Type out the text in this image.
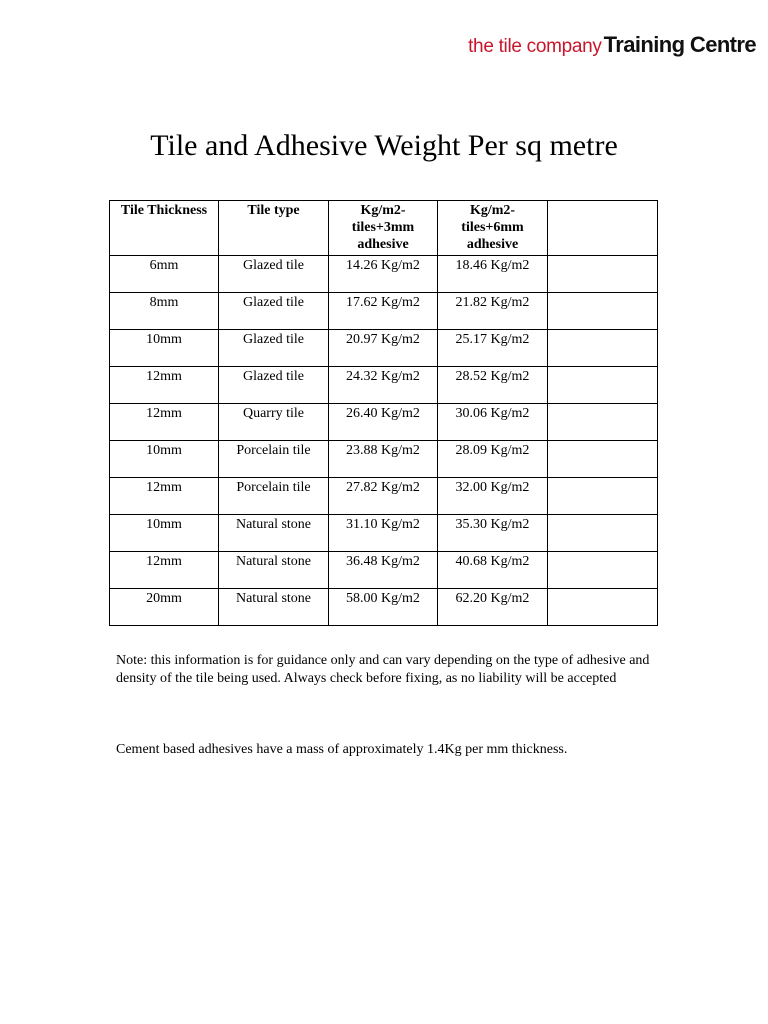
the tile companyTraining Centre
Tile and Adhesive Weight Per sq metre
Tile Thickness	Tile type	Kg/m2-
tiles+3mm
adhesive	Kg/m2-
tiles+6mm
adhesive	
6mm	Glazed tile	14.26 Kg/m2	18.46 Kg/m2	
8mm	Glazed tile	17.62 Kg/m2	21.82 Kg/m2	
10mm	Glazed tile	20.97 Kg/m2	25.17 Kg/m2	
12mm	Glazed tile	24.32 Kg/m2	28.52 Kg/m2	
12mm	Quarry tile	26.40 Kg/m2	30.06 Kg/m2	
10mm	Porcelain tile	23.88 Kg/m2	28.09 Kg/m2	
12mm	Porcelain tile	27.82 Kg/m2	32.00 Kg/m2	
10mm	Natural stone	31.10 Kg/m2	35.30 Kg/m2	
12mm	Natural stone	36.48 Kg/m2	40.68 Kg/m2	
20mm	Natural stone	58.00 Kg/m2	62.20 Kg/m2	

Note: this information is for guidance only and can vary depending on the type of adhesive and density of the tile being used. Always check before fixing, as no liability will be accepted

Cement based adhesives have a mass of approximately 1.4Kg per mm thickness.
